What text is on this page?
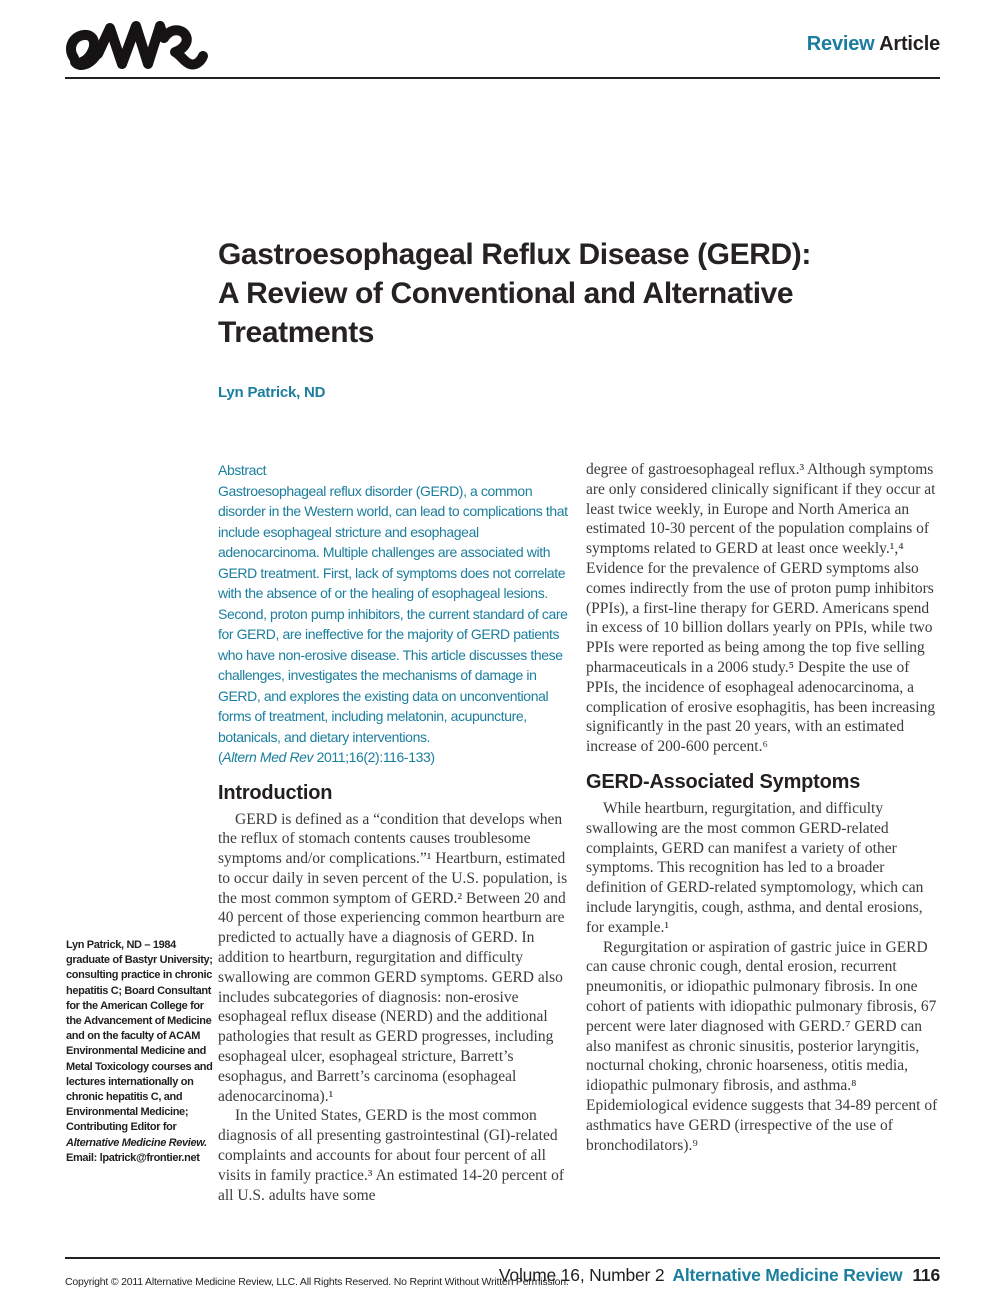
Review Article
Gastroesophageal Reflux Disease (GERD):
A Review of Conventional and Alternative
Treatments
Lyn Patrick, ND
Lyn Patrick, ND – 1984 graduate of Bastyr University; consulting practice in chronic hepatitis C; Board Consultant for the American College for the Advancement of Medicine and on the faculty of ACAM Environmental Medicine and Metal Toxicology courses and lectures internationally on chronic hepatitis C, and Environmental Medicine; Contributing Editor for Alternative Medicine Review. Email: lpatrick@frontier.net
Abstract
Gastroesophageal reflux disorder (GERD), a common disorder in the Western world, can lead to complications that include esophageal stricture and esophageal adenocarcinoma. Multiple challenges are associated with GERD treatment. First, lack of symptoms does not correlate with the absence of or the healing of esophageal lesions. Second, proton pump inhibitors, the current standard of care for GERD, are ineffective for the majority of GERD patients who have non-erosive disease. This article discusses these challenges, investigates the mechanisms of damage in GERD, and explores the existing data on unconventional forms of treatment, including melatonin, acupuncture, botanicals, and dietary interventions.
(Altern Med Rev 2011;16(2):116-133)
Introduction

GERD is defined as a “condition that develops when the reflux of stomach contents causes troublesome symptoms and/or complications.”¹ Heartburn, estimated to occur daily in seven percent of the U.S. population, is the most common symptom of GERD.² Between 20 and 40 percent of those experiencing common heartburn are predicted to actually have a diagnosis of GERD. In addition to heartburn, regurgitation and difficulty swallowing are common GERD symptoms. GERD also includes subcategories of diagnosis: non-erosive esophageal reflux disease (NERD) and the additional pathologies that result as GERD progresses, including esophageal ulcer, esophageal stricture, Barrett’s esophagus, and Barrett’s carcinoma (esophageal adenocarcinoma).¹

In the United States, GERD is the most common diagnosis of all presenting gastrointestinal (GI)-related complaints and accounts for about four percent of all visits in family practice.³ An estimated 14-20 percent of all U.S. adults have some

degree of gastroesophageal reflux.³ Although symptoms are only considered clinically significant if they occur at least twice weekly, in Europe and North America an estimated 10-30 percent of the population complains of symptoms related to GERD at least once weekly.¹,⁴ Evidence for the prevalence of GERD symptoms also comes indirectly from the use of proton pump inhibitors (PPIs), a first-line therapy for GERD. Americans spend in excess of 10 billion dollars yearly on PPIs, while two PPIs were reported as being among the top five selling pharmaceuticals in a 2006 study.⁵ Despite the use of PPIs, the incidence of esophageal adenocarcinoma, a complication of erosive esophagitis, has been increasing significantly in the past 20 years, with an estimated increase of 200-600 percent.⁶

GERD-Associated Symptoms

While heartburn, regurgitation, and difficulty swallowing are the most common GERD-related complaints, GERD can manifest a variety of other symptoms. This recognition has led to a broader definition of GERD-related symptomology, which can include laryngitis, cough, asthma, and dental erosions, for example.¹

Regurgitation or aspiration of gastric juice in GERD can cause chronic cough, dental erosion, recurrent pneumonitis, or idiopathic pulmonary fibrosis. In one cohort of patients with idiopathic pulmonary fibrosis, 67 percent were later diagnosed with GERD.⁷ GERD can also manifest as chronic sinusitis, posterior laryngitis, nocturnal choking, chronic hoarseness, otitis media, idiopathic pulmonary fibrosis, and asthma.⁸ Epidemiological evidence suggests that 34-89 percent of asthmatics have GERD (irrespective of the use of bronchodilators).⁹

Copyright © 2011 Alternative Medicine Review, LLC. All Rights Reserved. No Reprint Without Written Permission.
Volume 16, Number 2 Alternative Medicine Review 116
